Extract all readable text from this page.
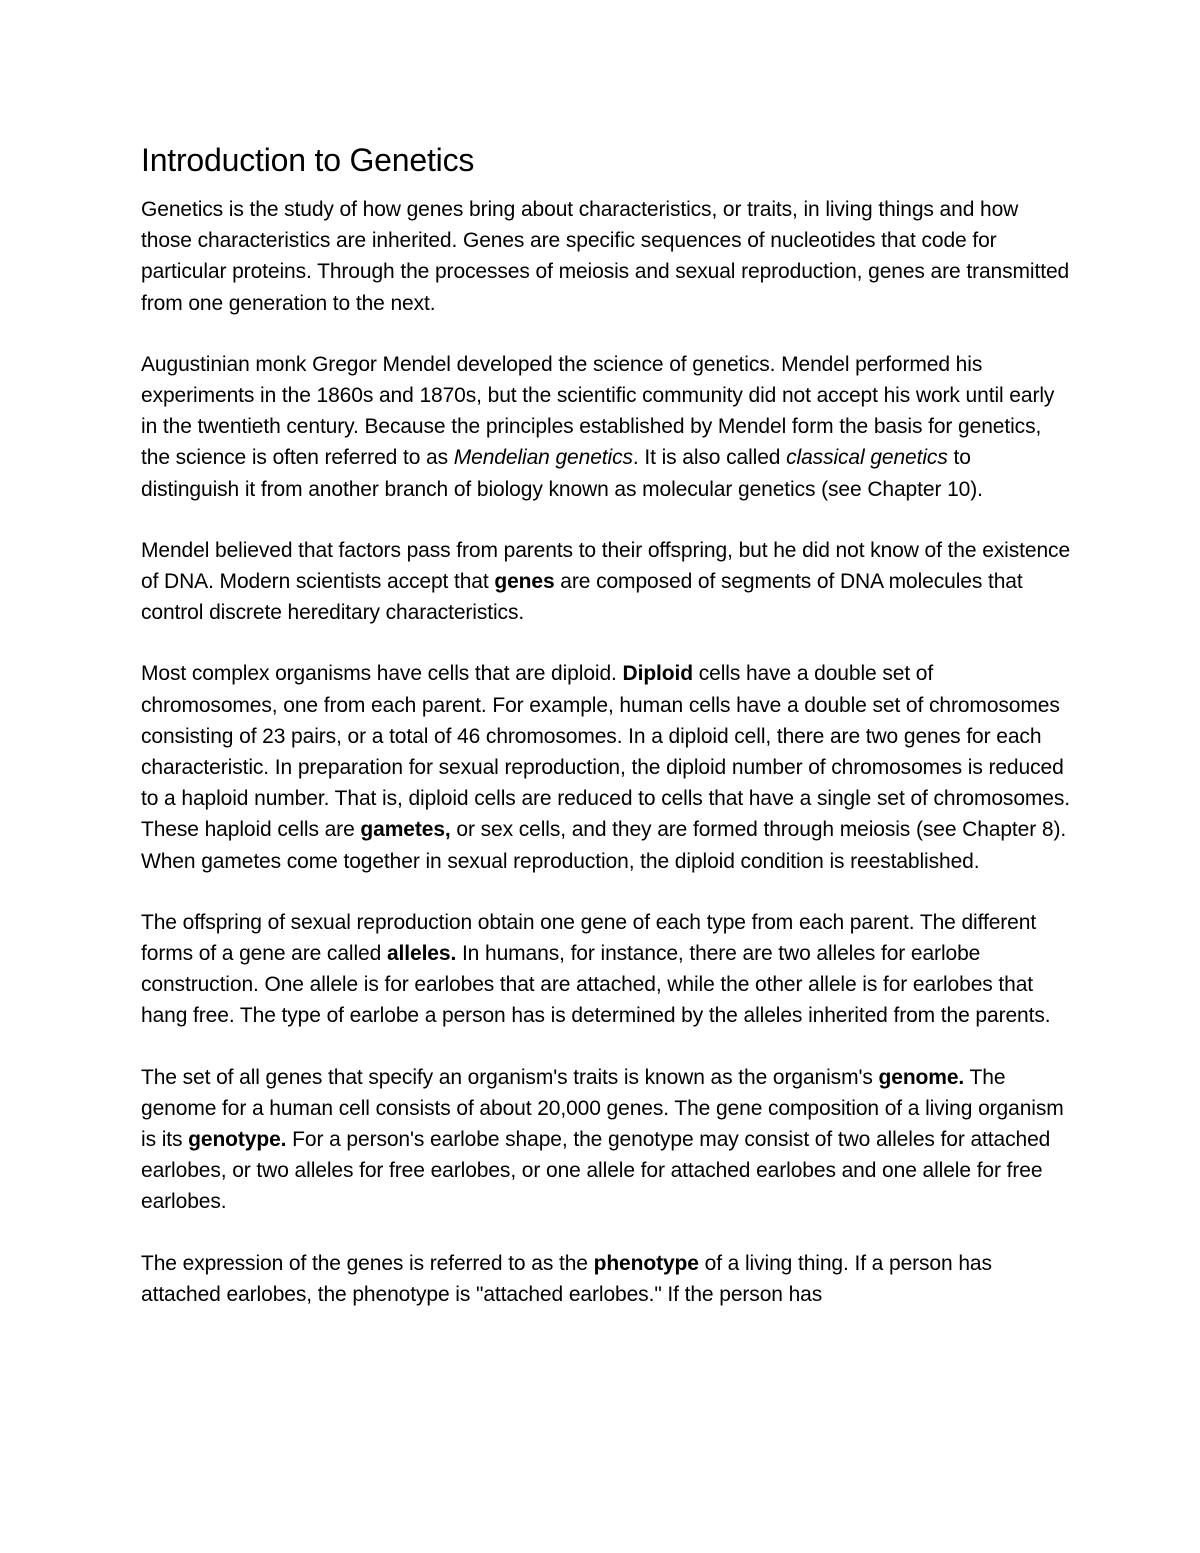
Introduction to Genetics

Genetics is the study of how genes bring about characteristics, or traits, in living things and how those characteristics are inherited. Genes are specific sequences of nucleotides that code for particular proteins. Through the processes of meiosis and sexual reproduction, genes are transmitted from one generation to the next.

Augustinian monk Gregor Mendel developed the science of genetics. Mendel performed his experiments in the 1860s and 1870s, but the scientific community did not accept his work until early in the twentieth century. Because the principles established by Mendel form the basis for genetics, the science is often referred to as Mendelian genetics. It is also called classical genetics to distinguish it from another branch of biology known as molecular genetics (see Chapter 10).

Mendel believed that factors pass from parents to their offspring, but he did not know of the existence of DNA. Modern scientists accept that genes are composed of segments of DNA molecules that control discrete hereditary characteristics.

Most complex organisms have cells that are diploid. Diploid cells have a double set of chromosomes, one from each parent. For example, human cells have a double set of chromosomes consisting of 23 pairs, or a total of 46 chromosomes. In a diploid cell, there are two genes for each characteristic. In preparation for sexual reproduction, the diploid number of chromosomes is reduced to a haploid number. That is, diploid cells are reduced to cells that have a single set of chromosomes. These haploid cells are gametes, or sex cells, and they are formed through meiosis (see Chapter 8). When gametes come together in sexual reproduction, the diploid condition is reestablished.

The offspring of sexual reproduction obtain one gene of each type from each parent. The different forms of a gene are called alleles. In humans, for instance, there are two alleles for earlobe construction. One allele is for earlobes that are attached, while the other allele is for earlobes that hang free. The type of earlobe a person has is determined by the alleles inherited from the parents.

The set of all genes that specify an organism's traits is known as the organism's genome. The genome for a human cell consists of about 20,000 genes. The gene composition of a living organism is its genotype. For a person's earlobe shape, the genotype may consist of two alleles for attached earlobes, or two alleles for free earlobes, or one allele for attached earlobes and one allele for free earlobes.

The expression of the genes is referred to as the phenotype of a living thing. If a person has attached earlobes, the phenotype is "attached earlobes." If the person has
